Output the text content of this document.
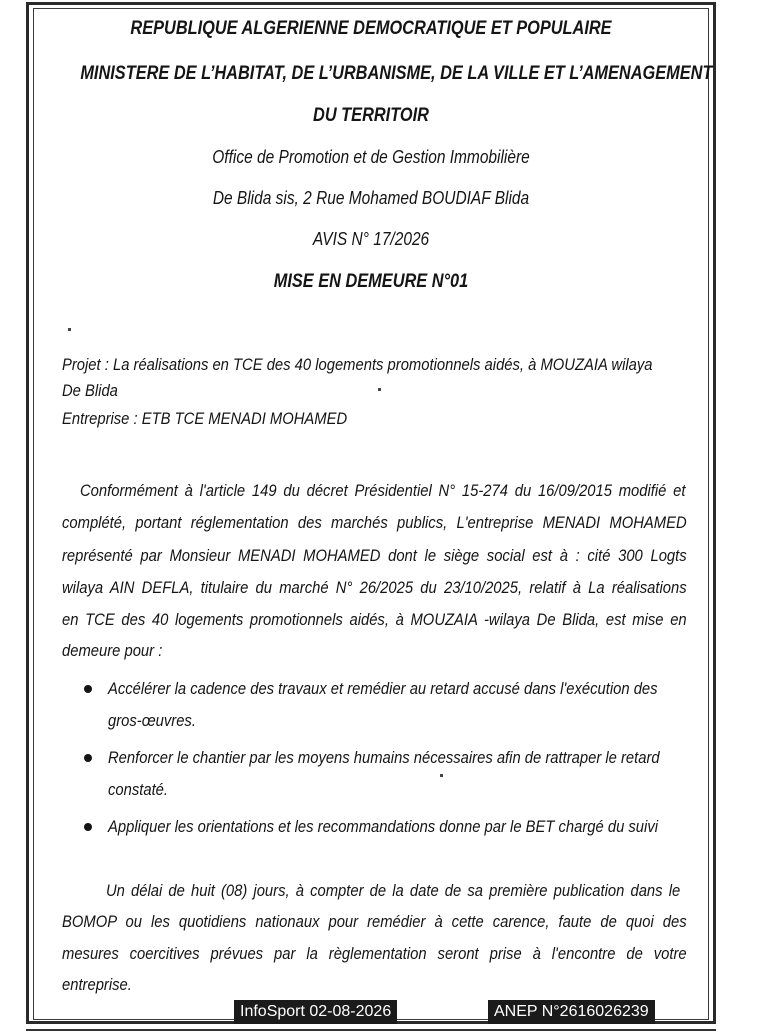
REPUBLIQUE ALGERIENNE DEMOCRATIQUE ET POPULAIRE
MINISTERE DE L’HABITAT, DE L’URBANISME, DE LA VILLE ET L’AMENAGEMENT
DU TERRITOIR
Office de Promotion et de Gestion Immobilière
De Blida sis, 2 Rue Mohamed BOUDIAF Blida
AVIS N° 17/2026
MISE EN DEMEURE N°01
Projet : La réalisations en TCE des 40 logements promotionnels aidés, à MOUZAIA wilaya
De Blida
Entreprise : ETB TCE MENADI MOHAMED
Conformément à l'article 149 du décret Présidentiel N° 15-274 du 16/09/2015 modifié et
complété, portant réglementation des marchés publics, L'entreprise MENADI MOHAMED
représenté par Monsieur MENADI MOHAMED dont le siège social est à : cité 300 Logts
wilaya AIN DEFLA, titulaire du marché N° 26/2025 du 23/10/2025, relatif à La réalisations
en TCE des 40 logements promotionnels aidés, à MOUZAIA -wilaya De Blida, est mise en
demeure pour :
Accélérer la cadence des travaux et remédier au retard accusé dans l'exécution des
gros-œuvres.
Renforcer le chantier par les moyens humains nécessaires afin de rattraper le retard
constaté.
Appliquer les orientations et les recommandations donne par le BET chargé du suivi
Un délai de huit (08) jours, à compter de la date de sa première publication dans le
BOMOP ou les quotidiens nationaux pour remédier à cette carence, faute de quoi des
mesures coercitives prévues par la règlementation seront prise à l'encontre de votre
entreprise.
InfoSport 02-08-2026	ANEP N°2616026239
